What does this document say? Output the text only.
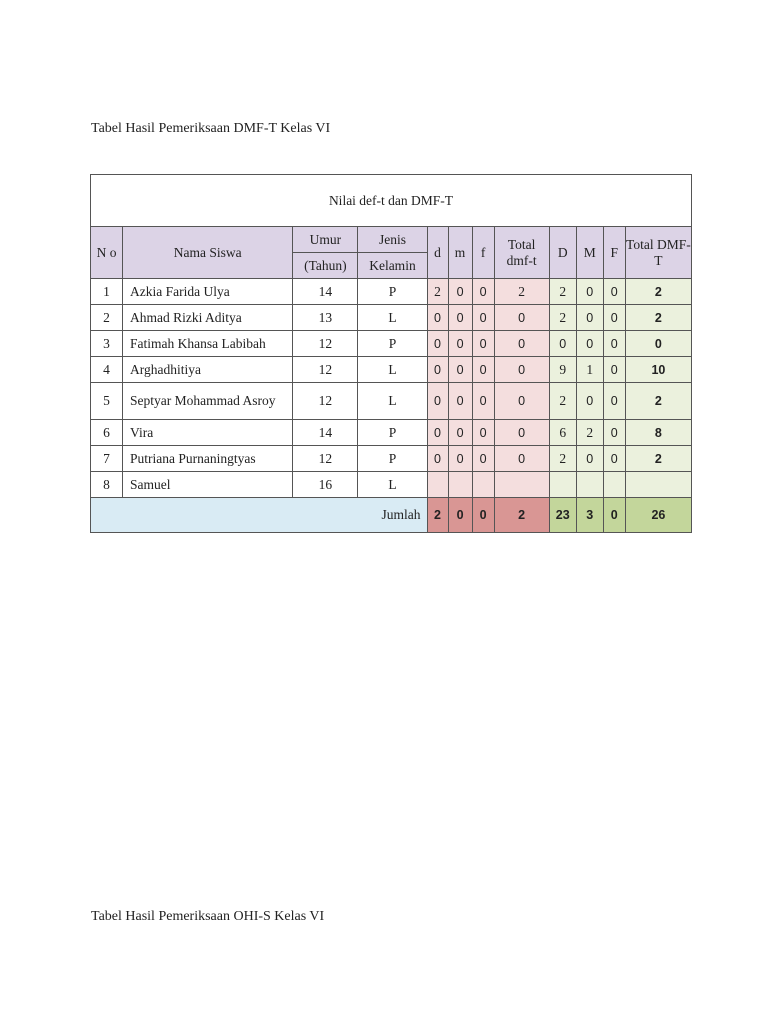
Tabel Hasil Pemeriksaan DMF-T Kelas VI
Nilai def-t dan DMF-T											
N o	Nama Siswa	Umur	Jenis	d	m	f	Total dmf-t	D	M	F	Total DMF-T
		(Tahun)	Kelamin								
1	Azkia Farida Ulya	14	P	2	0	0	2	2	0	0	2
2	Ahmad Rizki Aditya	13	L	0	0	0	0	2	0	0	2
3	Fatimah Khansa Labibah	12	P	0	0	0	0	0	0	0	0
4	Arghadhitiya	12	L	0	0	0	0	9	1	0	10
5	Septyar Mohammad Asroy	12	L	0	0	0	0	2	0	0	2
6	Vira	14	P	0	0	0	0	6	2	0	8
7	Putriana Purnaningtyas	12	P	0	0	0	0	2	0	0	2
8	Samuel	16	L								
Jumlah				2	0	0	2	23	3	0	26
Tabel Hasil Pemeriksaan OHI-S Kelas VI
